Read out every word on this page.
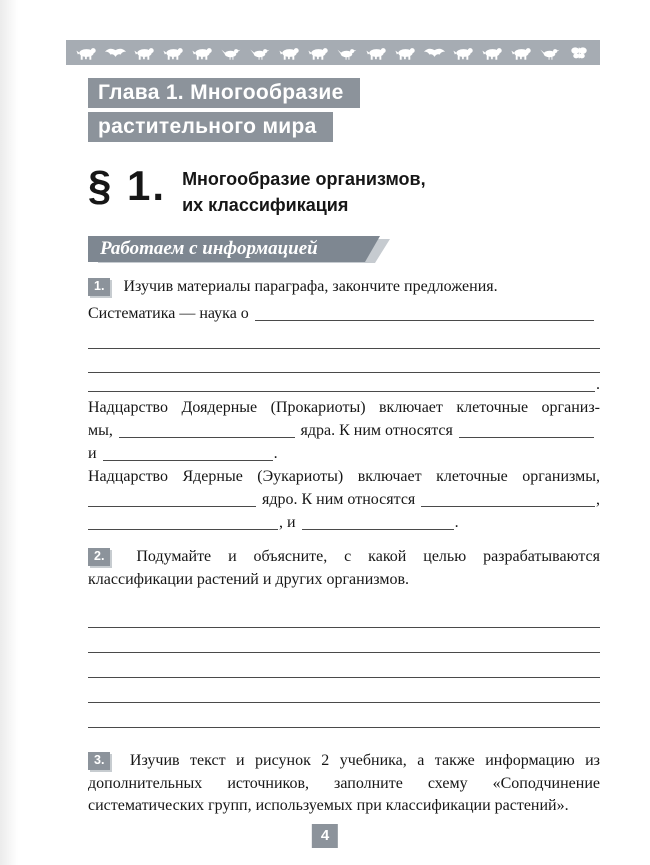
Глава 1. Многообразие
растительного мира
§ 1. Многообразие организмов,
их классификация
Работаем с информацией

1. Изучив материалы параграфа, закончите предложения.

Систематика — наука о
.
Надцарство Доядерные (Прокариоты) включает клеточные организ-
мы,	ядра. К ним относятся
и	.
Надцарство Ядерные (Эукариоты) включает клеточные организмы,
ядро. К ним относятся	,
, и	.

2. Подумайте и объясните, с какой целью разрабатываются классификации растений и других организмов.

3. Изучив текст и рисунок 2 учебника, а также информацию из дополнительных источников, заполните схему «Соподчинение систематических групп, используемых при классификации растений».

4
